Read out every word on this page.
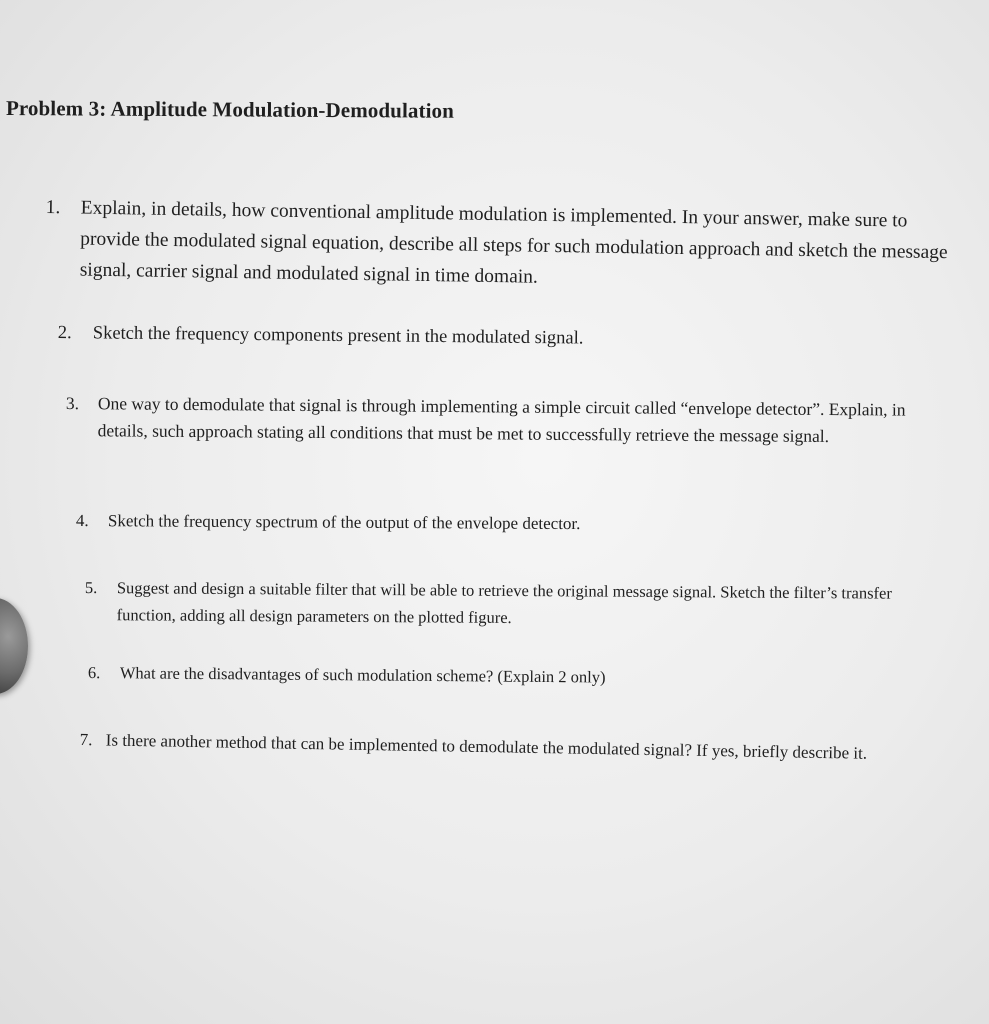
Problem 3: Amplitude Modulation-Demodulation
1. Explain, in details, how conventional amplitude modulation is implemented. In your answer, make sure to provide the modulated signal equation, describe all steps for such modulation approach and sketch the message signal, carrier signal and modulated signal in time domain.
2. Sketch the frequency components present in the modulated signal.
3. One way to demodulate that signal is through implementing a simple circuit called “envelope detector”. Explain, in details, such approach stating all conditions that must be met to successfully retrieve the message signal.
4. Sketch the frequency spectrum of the output of the envelope detector.
5. Suggest and design a suitable filter that will be able to retrieve the original message signal. Sketch the filter’s transfer function, adding all design parameters on the plotted figure.
6. What are the disadvantages of such modulation scheme? (Explain 2 only)
7. Is there another method that can be implemented to demodulate the modulated signal? If yes, briefly describe it.
